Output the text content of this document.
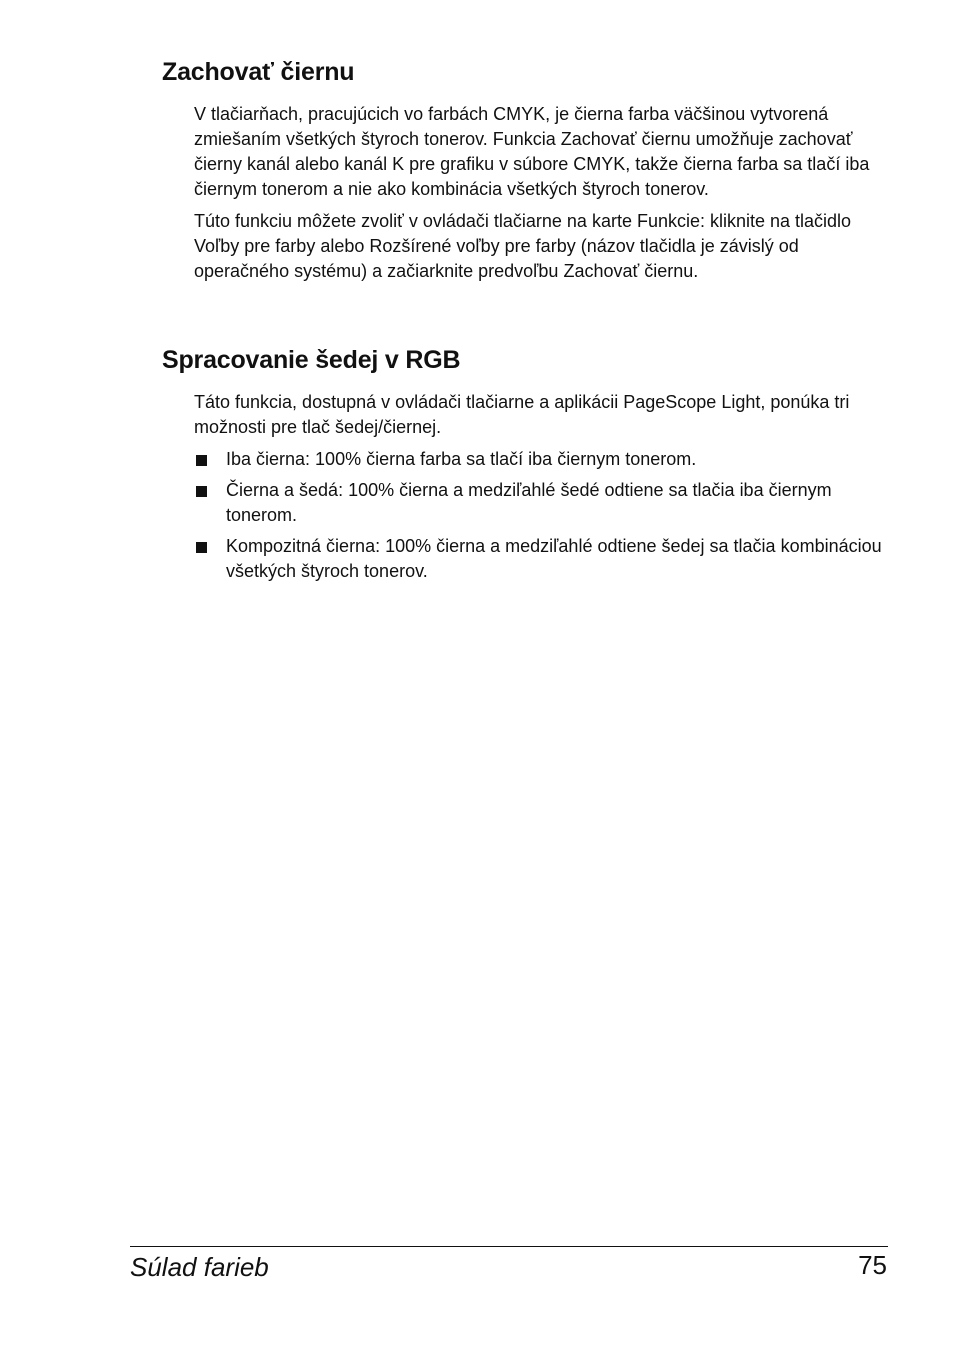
Zachovať čiernu

V tlačiarňach, pracujúcich vo farbách CMYK, je čierna farba väčšinou vytvorená zmiešaním všetkých štyroch tonerov. Funkcia Zachovať čiernu umožňuje zachovať čierny kanál alebo kanál K pre grafiku v súbore CMYK, takže čierna farba sa tlačí iba čiernym tonerom a nie ako kombinácia všetkých štyroch tonerov.

Túto funkciu môžete zvoliť v ovládači tlačiarne na karte Funkcie: kliknite na tlačidlo Voľby pre farby alebo Rozšírené voľby pre farby (názov tlačidla je závislý od operačného systému) a začiarknite predvoľbu Zachovať čiernu.

Spracovanie šedej v RGB

Táto funkcia, dostupná v ovládači tlačiarne a aplikácii PageScope Light, ponúka tri možnosti pre tlač šedej/čiernej.

Iba čierna: 100% čierna farba sa tlačí iba čiernym tonerom.
Čierna a šedá: 100% čierna a medziľahlé šedé odtiene sa tlačia iba čiernym tonerom.
Kompozitná čierna: 100% čierna a medziľahlé odtiene šedej sa tlačia kombináciou všetkých štyroch tonerov.
Súlad farieb	75
